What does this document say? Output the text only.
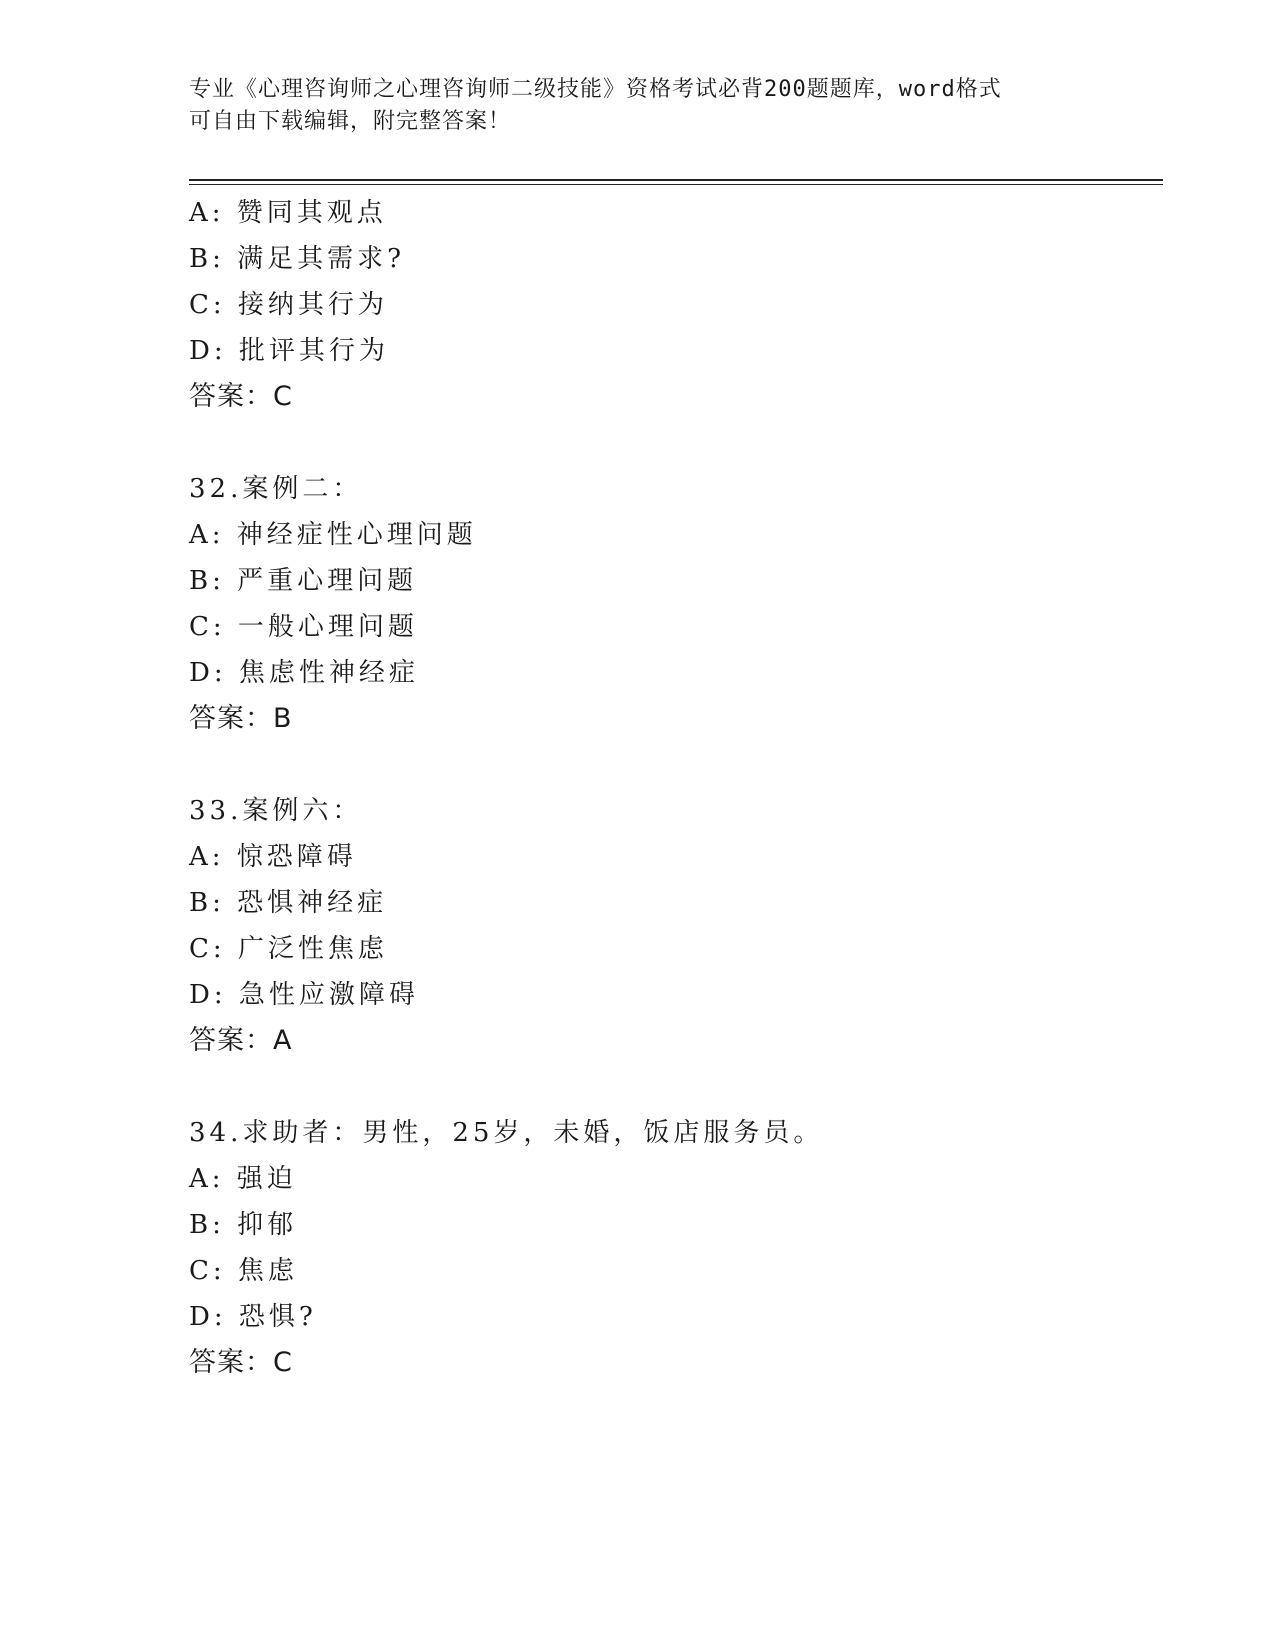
专业《心理咨询师之心理咨询师二级技能》资格考试必背200题题库，word格式
可自由下载编辑，附完整答案！
A: 赞同其观点
B: 满足其需求?
C: 接纳其行为
D: 批评其行为
答案：C
32.案例二：
A: 神经症性心理问题
B: 严重心理问题
C: 一般心理问题
D: 焦虑性神经症
答案：B
33.案例六：
A: 惊恐障碍
B: 恐惧神经症
C: 广泛性焦虑
D: 急性应激障碍
答案：A
34.求助者：男性，25岁，未婚，饭店服务员。
A: 强迫
B: 抑郁
C: 焦虑
D: 恐惧?
答案：C
